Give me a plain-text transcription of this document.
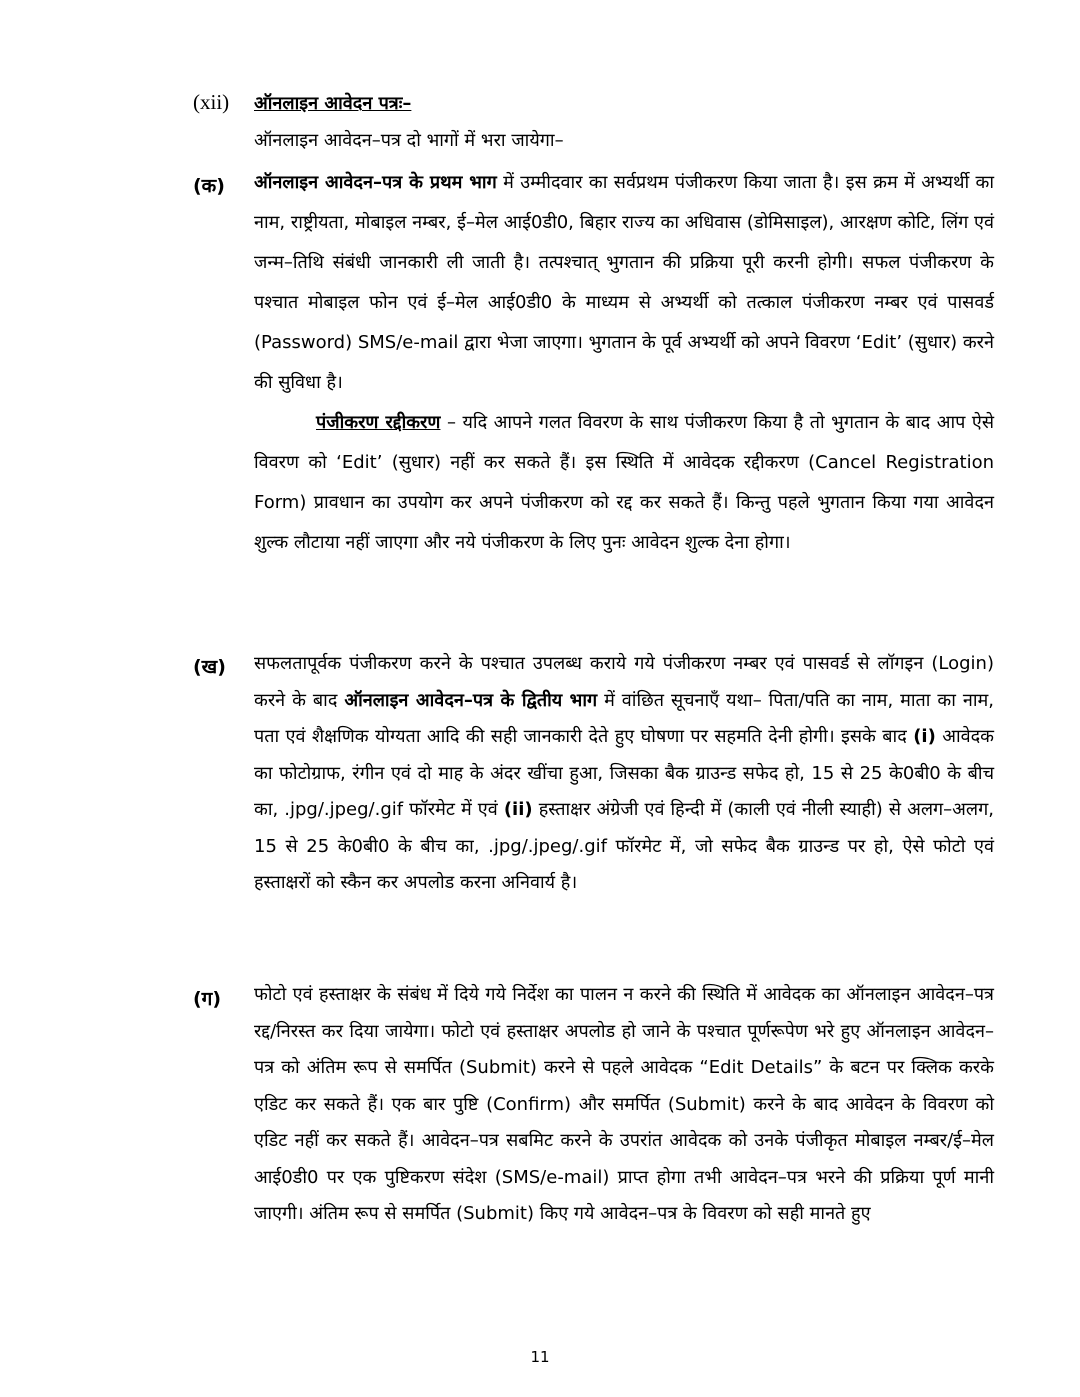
(xii) ऑनलाइन आवेदन पत्रः–

ऑनलाइन आवेदन–पत्र दो भागों में भरा जायेगा–

(क) ऑनलाइन आवेदन–पत्र के प्रथम भाग में उम्मीदवार का सर्वप्रथम पंजीकरण किया जाता है। इस क्रम में अभ्यर्थी का नाम, राष्ट्रीयता, मोबाइल नम्बर, ई–मेल आई0डी0, बिहार राज्य का अधिवास (डोमिसाइल), आरक्षण कोटि, लिंग एवं जन्म–तिथि संबंधी जानकारी ली जाती है। तत्पश्चात् भुगतान की प्रक्रिया पूरी करनी होगी। सफल पंजीकरण के पश्चात मोबाइल फोन एवं ई–मेल आई0डी0 के माध्यम से अभ्यर्थी को तत्काल पंजीकरण नम्बर एवं पासवर्ड (Password) SMS/e-mail द्वारा भेजा जाएगा। भुगतान के पूर्व अभ्यर्थी को अपने विवरण ‘Edit’ (सुधार) करने की सुविधा है।

पंजीकरण रद्दीकरण – यदि आपने गलत विवरण के साथ पंजीकरण किया है तो भुगतान के बाद आप ऐसे विवरण को ‘Edit’ (सुधार) नहीं कर सकते हैं। इस स्थिति में आवेदक रद्दीकरण (Cancel Registration Form) प्रावधान का उपयोग कर अपने पंजीकरण को रद्द कर सकते हैं। किन्तु पहले भुगतान किया गया आवेदन शुल्क लौटाया नहीं जाएगा और नये पंजीकरण के लिए पुनः आवेदन शुल्क देना होगा।

(ख) सफलतापूर्वक पंजीकरण करने के पश्चात उपलब्ध कराये गये पंजीकरण नम्बर एवं पासवर्ड से लॉगइन (Login) करने के बाद ऑनलाइन आवेदन–पत्र के द्वितीय भाग में वांछित सूचनाएँ यथा– पिता/पति का नाम, माता का नाम, पता एवं शैक्षणिक योग्यता आदि की सही जानकारी देते हुए घोषणा पर सहमति देनी होगी। इसके बाद (i) आवेदक का फोटोग्राफ, रंगीन एवं दो माह के अंदर खींचा हुआ, जिसका बैक ग्राउन्ड सफेद हो, 15 से 25 के0बी0 के बीच का, .jpg/.jpeg/.gif फॉरमेट में एवं (ii) हस्ताक्षर अंग्रेजी एवं हिन्दी में (काली एवं नीली स्याही) से अलग–अलग, 15 से 25 के0बी0 के बीच का, .jpg/.jpeg/.gif फॉरमेट में, जो सफेद बैक ग्राउन्ड पर हो, ऐसे फोटो एवं हस्ताक्षरों को स्कैन कर अपलोड करना अनिवार्य है।

(ग) फोटो एवं हस्ताक्षर के संबंध में दिये गये निर्देश का पालन न करने की स्थिति में आवेदक का ऑनलाइन आवेदन–पत्र रद्द/निरस्त कर दिया जायेगा। फोटो एवं हस्ताक्षर अपलोड हो जाने के पश्चात पूर्णरूपेण भरे हुए ऑनलाइन आवेदन–पत्र को अंतिम रूप से समर्पित (Submit) करने से पहले आवेदक “Edit Details” के बटन पर क्लिक करके एडिट कर सकते हैं। एक बार पुष्टि (Confirm) और समर्पित (Submit) करने के बाद आवेदन के विवरण को एडिट नहीं कर सकते हैं। आवेदन–पत्र सबमिट करने के उपरांत आवेदक को उनके पंजीकृत मोबाइल नम्बर/ई–मेल आई0डी0 पर एक पुष्टिकरण संदेश (SMS/e-mail) प्राप्त होगा तभी आवेदन–पत्र भरने की प्रक्रिया पूर्ण मानी जाएगी। अंतिम रूप से समर्पित (Submit) किए गये आवेदन–पत्र के विवरण को सही मानते हुए

11
